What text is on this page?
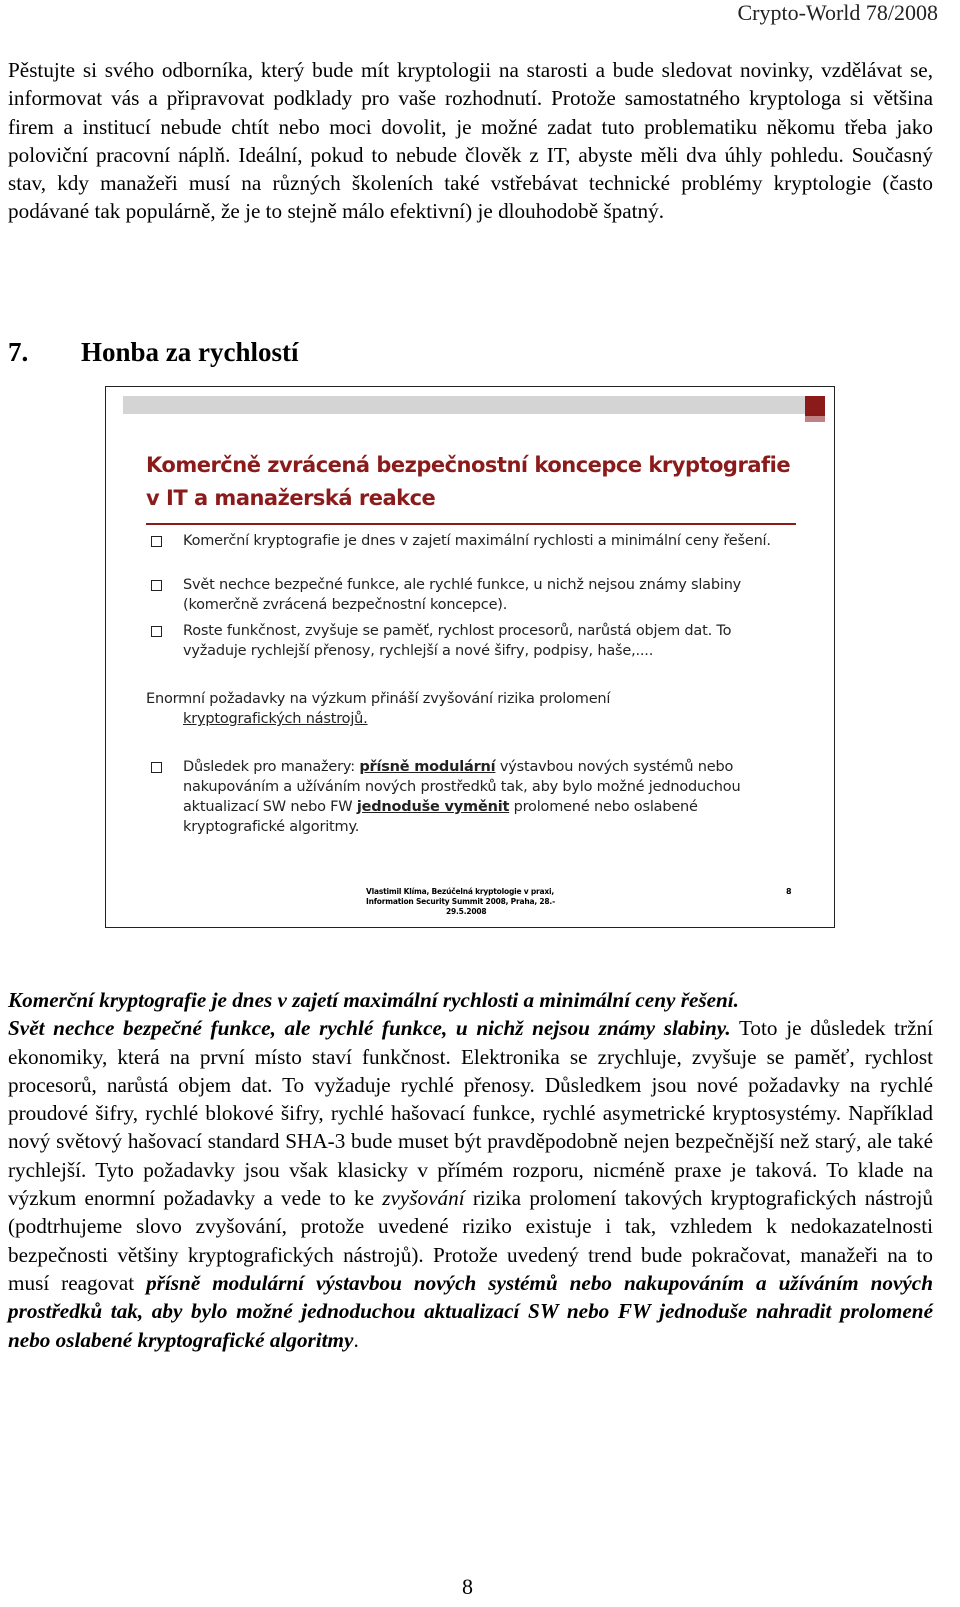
Crypto-World 78/2008

Pěstujte si svého odborníka, který bude mít kryptologii na starosti a bude sledovat novinky, vzdělávat se, informovat vás a připravovat podklady pro vaše rozhodnutí. Protože samostatného kryptologa si většina firem a institucí nebude chtít nebo moci dovolit, je možné zadat tuto problematiku někomu třeba jako poloviční pracovní náplň. Ideální, pokud to nebude člověk z IT, abyste měli dva úhly pohledu. Současný stav, kdy manažeři musí na různých školeních také vstřebávat technické problémy kryptologie (často podávané tak populárně, že je to stejně málo efektivní) je dlouhodobě špatný.

7. Honba za rychlostí

Komerčně zvrácená bezpečnostní koncepce kryptografie v IT a manažerská reakce

Komerční kryptografie je dnes v zajetí maximální rychlosti a minimální ceny řešení.
Svět nechce bezpečné funkce, ale rychlé funkce, u nichž nejsou známy slabiny (komerčně zvrácená bezpečnostní koncepce).
Roste funkčnost, zvyšuje se paměť, rychlost procesorů, narůstá objem dat. To vyžaduje rychlejší přenosy, rychlejší a nové šifry, podpisy, haše,....
Enormní požadavky na výzkum přináší zvyšování rizika prolomení
kryptografických nástrojů.
Důsledek pro manažery: přísně modulární výstavbou nových systémů nebo nakupováním a užíváním nových prostředků tak, aby bylo možné jednoduchou aktualizací SW nebo FW jednoduše vyměnit prolomené nebo oslabené kryptografické algoritmy.
Vlastimil Klíma, Bezúčelná kryptologie v praxi,
Information Security Summit 2008, Praha, 28.-
29.5.2008
8

Komerční kryptografie je dnes v zajetí maximální rychlosti a minimální ceny řešení.
Svět nechce bezpečné funkce, ale rychlé funkce, u nichž nejsou známy slabiny. Toto je důsledek tržní ekonomiky, která na první místo staví funkčnost. Elektronika se zrychluje, zvyšuje se paměť, rychlost procesorů, narůstá objem dat. To vyžaduje rychlé přenosy. Důsledkem jsou nové požadavky na rychlé proudové šifry, rychlé blokové šifry, rychlé hašovací funkce, rychlé asymetrické kryptosystémy. Například nový světový hašovací standard SHA-3 bude muset být pravděpodobně nejen bezpečnější než starý, ale také rychlejší. Tyto požadavky jsou však klasicky v přímém rozporu, nicméně praxe je taková. To klade na výzkum enormní požadavky a vede to ke zvyšování rizika prolomení takových kryptografických nástrojů (podtrhujeme slovo zvyšování, protože uvedené riziko existuje i tak, vzhledem k nedokazatelnosti bezpečnosti většiny kryptografických nástrojů). Protože uvedený trend bude pokračovat, manažeři na to musí reagovat přísně modulární výstavbou nových systémů nebo nakupováním a užíváním nových prostředků tak, aby bylo možné jednoduchou aktualizací SW nebo FW jednoduše nahradit prolomené nebo oslabené kryptografické algoritmy.

8
